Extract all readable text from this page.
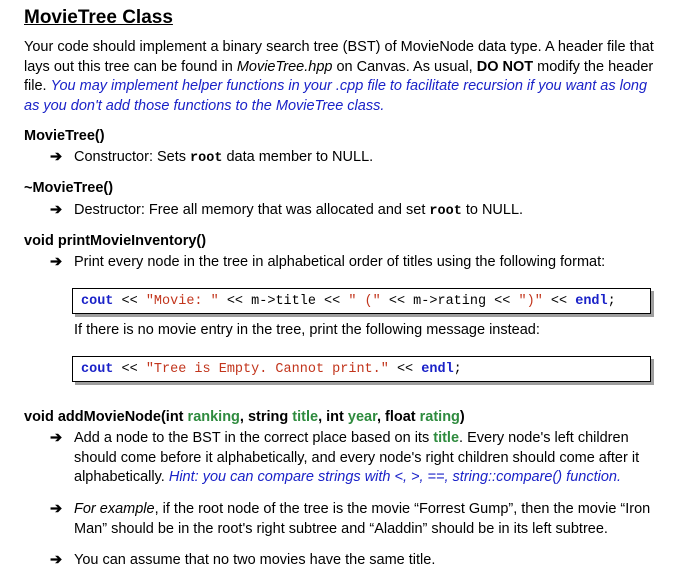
MovieTree Class
Your code should implement a binary search tree (BST) of MovieNode data type. A header file that lays out this tree can be found in MovieTree.hpp on Canvas. As usual, DO NOT modify the header file. You may implement helper functions in your .cpp file to facilitate recursion if you want as long as you don't add those functions to the MovieTree class.
MovieTree()
➔ Constructor: Sets root data member to NULL.
~MovieTree()
➔ Destructor: Free all memory that was allocated and set root to NULL.
void printMovieInventory()
➔ Print every node in the tree in alphabetical order of titles using the following format:
cout << "Movie: " << m->title << " (" << m->rating << ")" << endl;
If there is no movie entry in the tree, print the following message instead:
cout << "Tree is Empty. Cannot print." << endl;
void addMovieNode(int ranking, string title, int year, float rating)
➔ Add a node to the BST in the correct place based on its title. Every node's left children should come before it alphabetically, and every node's right children should come after it alphabetically. Hint: you can compare strings with <, >, ==, string::compare() function.
➔ For example, if the root node of the tree is the movie “Forrest Gump”, then the movie “Iron Man” should be in the root's right subtree and “Aladdin” should be in its left subtree.
➔ You can assume that no two movies have the same title.
